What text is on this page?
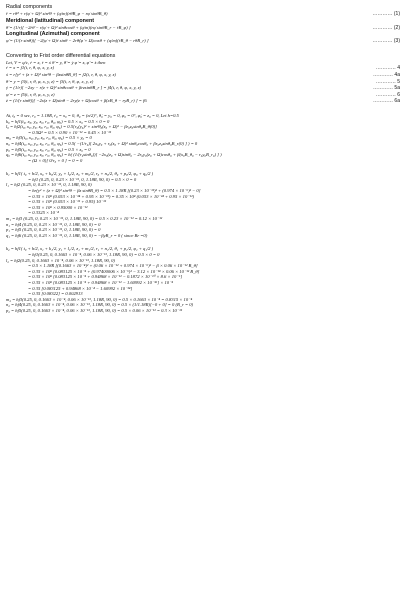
Radial components
r̈ = rθ̇² + r(φ̇ + Ω)² sin²θ + (q/m)(rθ̇B_φ − rφ̇ sinθB_θ)	………… (1)
Meridional (latitudinal) component
θ̈ = (1/r)[ −2ṙθ̇ − r(φ̇ + Ω)² sinθcosθ + (q/m)(rφ̇ sinθB_r − ṙB_φ) ]	………… (2)
Longitudinal (Azimuthal) component
φ̈ = (1/(r sinθ))[ −2(φ̇ + Ω)ṙ sinθ − 2rθ̇(φ̇ + Ω)cosθ + (q/m)(ṙB_θ − rθ̇B_r) ]	………… (3)
Converting to Frist order differential equations
Let, V = q/c, ṙ = x, ṙ = ẋ θ̇ = y, θ̈ = ẏ φ̇ = z, φ̈ = ż then
ṙ = x = f1(t, r, θ, φ, x, y, z)	………… 4
ẋ = r[y² + (z + Ω)² sin²θ − βzsinθB_θ] = f2(t, r, θ, φ, x, y, z)	………… 4a
θ̇ = y = f3(t, r, θ, φ, x, y, z) = f3(t, r, θ, φ, x, y, z)	………… 5
ẏ = (1/r)[ −2xy − r(z + Ω)² sinθcosθ + βrzsinθB_r ] = f4(t, r, θ, φ, x, y, z)	………… 5a
φ̇ = z = f5(t, r, θ, φ, x, y, z)	………… 6
ż = (1/(r sinθ))[ −2x(z + Ω)sinθ − 2ry(z + Ω)cosθ + β(xB_θ − ryB_r) ] = f6	………… 6a
At, t₀ = 0 sec, r₀ = 1.18R, ṙ₀ = x₀ = 0, θ₀ = (π/2)°, θ̇₀ = y₀ = 0, φ₀ = 0°, φ̇₀ = z₀ = 0, Let h=0.5
k₀ = hf1(t₀, x₀, y₀, z₀, r₀, θ₀, φ₀) = 0.5 × x₀ = 0.5 × 0 = 0
l₀ = hf2(t₀, x₀, y₀, z₀, r₀, θ₀, φ₀) = 0.5[r₀(y₀)² + sin²θ₀(z₀ + Ω)² − βr₀z₀sinθ₀B_θ(0)]
= 0.5Ω² = 0.5 × 0.90 × 10⁻¹² = 0.45 × 10⁻¹²
m₀ = hf3(t₀, x₀, y₀, z₀, r₀, θ₀, φ₀) = 0.5 × y₀ = 0
n₀ = hf4(t₀, x₀, y₀, z₀, r₀, θ₀, φ₀) = 0.5( −(1/r₀)[ 2x₀y₀ + r₀(z₀ + Ω)² sinθ₀cosθ₀ + βr₀z₀sinθ₀B_r(0) ] ) = 0
p₀ = hf5(t₀, x₀, y₀, z₀, r₀, θ₀, φ₀) = 0.5 × z₀ = 0
q₀ = hf6(t₀, x₀, y₀, z₀, r₀, θ₀, φ₀) = h( (1/(r₀sinθ₀))[ −2x₀(z₀ + Ω)sinθ₀ − 2r₀y₀(z₀ + Ω)cosθ₀ + β(x₀B_θ₀ − r₀y₀B_r₀) ] )
= (Ω × 0)[ 0/r₀ + 0 ] = 0 = 0
k₁ = hf1( t₀ + h/2, x₀ + k₀/2, y₀ + l₀/2, z₀ + m₀/2, r₀ + n₀/2, θ₀ + p₀/2, φ₀ + q₀/2 )
= hf1 (0.25, 0, 0.23 × 10⁻¹², 0, 1.18R, 90, 0) = 0.5 × 0 = 0
l₁ = hf2 (0.25, 0, 0.23 × 10⁻¹², 0, 1.18R, 90, 0)
= hr(y² + (z + Ω)² sin²θ − βz sinθB_θ) = 0.5 × 1.18R [(0.23 × 10⁻¹²)² + (0.974 × 10⁻⁶)² − 0]
= 0.35 × 10⁸ (0.053 × 10⁻²⁴ + 0.95 × 10⁻¹²) = 0.35 × 10⁸ (0.053 × 10⁻²⁴ + 0.95 × 10⁻¹²)
= 0.35 × 10⁸ (0.053 × 10⁻¹² + 0.95) 10⁻¹²
= 0.35 × 10⁸ × 0.95000 × 10⁻¹²
= 0.3325 × 10⁻⁴
m₁ = hf3 (0.25, 0, 0.23 × 10⁻¹², 0, 1.18R, 90, 0) = 0.5 × 0.23 × 10⁻¹² = 0.12 × 10⁻¹²
n₁ = hf4 (0.25, 0, 0.23 × 10⁻¹², 0, 1.18R, 90, 0) = 0
p₁ = hf5 (0.25, 0, 0.23 × 10⁻¹², 0, 1.18R, 90, 0) = 0
q₁ = hf6 (0.25, 0, 0.23 × 10⁻¹², 0, 1.18R, 90, 0) = −βyB_r = 0 ( since Br =0)
k₂ = hf1( t₀ + h/2, x₁ + k₁/2, y₁ + l₁/2, z₁ + m₁/2, r₁ + n₁/2, θ₁ + p₁/2, φ₁ + q₁/2 )
= hf1(0.25, 0, 0.1663 × 10⁻⁴, 0.06 × 10⁻¹², 1.18R, 90, 0) = 0.5 × 0 = 0
l₂ = hf2(0.25, 0, 0.1663 × 10⁻⁴, 0.06 × 10⁻¹², 1.18R, 90, 0)
= 0.5 × 1.18R [(0.1663 × 10⁻⁴)² + (0.06 × 10⁻¹² + 0.974 × 10⁻⁶)² − β × 0.06 × 10⁻¹² B_θ]
= 0.35 × 10⁸ [0.083125 × 10⁻⁸ + (0.97400006 × 10⁻⁶)² − 3.12 × 10⁻¹⁸ × 0.06 × 10⁻¹² B_θ]
= 0.35 × 10⁸ [0.083125 × 10⁻⁸ + 0.94868 × 10⁻¹² − 0.1872 × 10⁻³⁰ × 8.6 × 10⁻⁶]
= 0.35 × 10⁸ [0.083125 × 10⁻⁸ + 0.94868 × 10⁻¹² − 1.60992 × 10⁻³⁶] × 10⁻⁸
= 0.35 [0.083125 + 0.94868 × 10⁻⁴ − 1.60992 × 10⁻²⁸]
= 0.35 [0.08322] = 0.002913
m₂ = hf3(0.25, 0, 0.1663 × 10⁻⁴, 0.06 × 10⁻¹², 1.18R, 90, 0) = 0.5 × 0.1663 × 10⁻⁴ = 0.8315 × 10⁻⁴
n₂ = hf4(0.25, 0, 0.1663 × 10⁻⁴, 0.06 × 10⁻¹², 1.18R, 90, 0) = 0.5 × (1/1.18R)[−0 + 0] = 0 (B_r = 0)
p₂ = hf5(0.25, 0, 0.1663 × 10⁻⁴, 0.06 × 10⁻¹², 1.18R, 90, 0) = 0.5 × 0.06 × 10⁻¹² = 0.3 × 10⁻¹³
